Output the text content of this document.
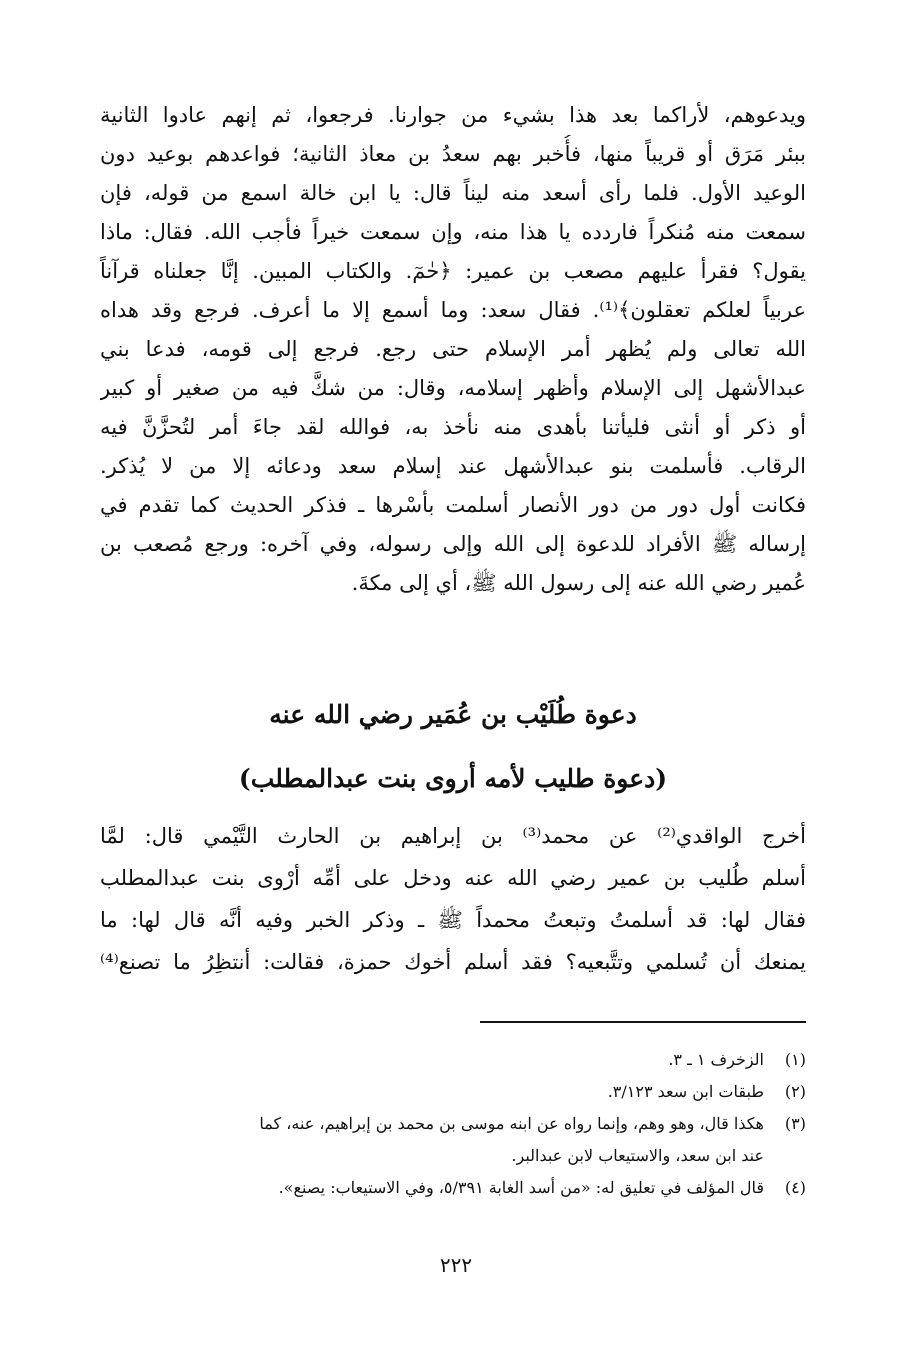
ويدعوهم، لأراكما بعد هذا بشيء من جوارنا. فرجعوا، ثم إنهم عادوا الثانية
ببئر مَرَق أو قريباً منها، فأُخبر بهم سعدُ بن معاذ الثانية؛ فواعدهم بوعيد دون
الوعيد الأول. فلما رأى أسعد منه ليناً قال: يا ابن خالة اسمع من قوله، فإن
سمعت منه مُنكراً فاردده يا هذا منه، وإن سمعت خيراً فأجب الله. فقال: ماذا
يقول؟ فقرأ عليهم مصعب بن عمير: ﴿حٰمٓ. والكتاب المبين. إنَّا جعلناه قرآناً
عربياً لعلكم تعقلون﴾⁽¹⁾. فقال سعد: وما أسمع إلا ما أعرف. فرجع وقد هداه
الله تعالى ولم يُظهر أمر الإسلام حتى رجع. فرجع إلى قومه، فدعا بني
عبدالأشهل إلى الإسلام وأظهر إسلامه، وقال: من شكَّ فيه من صغير أو كبير
أو ذكر أو أنثى فليأتنا بأهدى منه نأخذ به، فوالله لقد جاءَ أمر لتُحزَّنَّ فيه
الرقاب. فأسلمت بنو عبدالأشهل عند إسلام سعد ودعائه إلا من لا يُذكر.
فكانت أول دور من دور الأنصار أسلمت بأسْرها ـ فذكر الحديث كما تقدم في
إرساله ﷺ الأفراد للدعوة إلى الله وإلى رسوله، وفي آخره: ورجع مُصعب بن
عُمير رضي الله عنه إلى رسول الله ﷺ، أي إلى مكةَ.
دعوة طُلَيْب بن عُمَير رضي الله عنه
(دعوة طليب لأمه أروى بنت عبدالمطلب)
أخرج الواقدي⁽²⁾ عن محمد⁽³⁾ بن إبراهيم بن الحارث التَّيْمي قال: لمَّا
أسلم طُليب بن عمير رضي الله عنه ودخل على أمِّه أرْوى بنت عبدالمطلب
فقال لها: قد أسلمتُ وتبعتُ محمداً ﷺ ـ وذكر الخبر وفيه أنَّه قال لها: ما
يمنعك أن تُسلمي وتتَّبعيه؟ فقد أسلم أخوك حمزة، فقالت: أنتظِرُ ما تصنع⁽⁴⁾
(١)
الزخرف ١ ـ ٣.
(٢)
طبقات ابن سعد ٣/١٢٣.
(٣)
هكذا قال، وهو وهم، وإنما رواه عن ابنه موسى بن محمد بن إبراهيم، عنه، كما
عند ابن سعد، والاستيعاب لابن عبدالبر.
(٤)
قال المؤلف في تعليق له: «من أسد الغابة ٥/٣٩١، وفي الاستيعاب: يصنع».
٢٢٢
